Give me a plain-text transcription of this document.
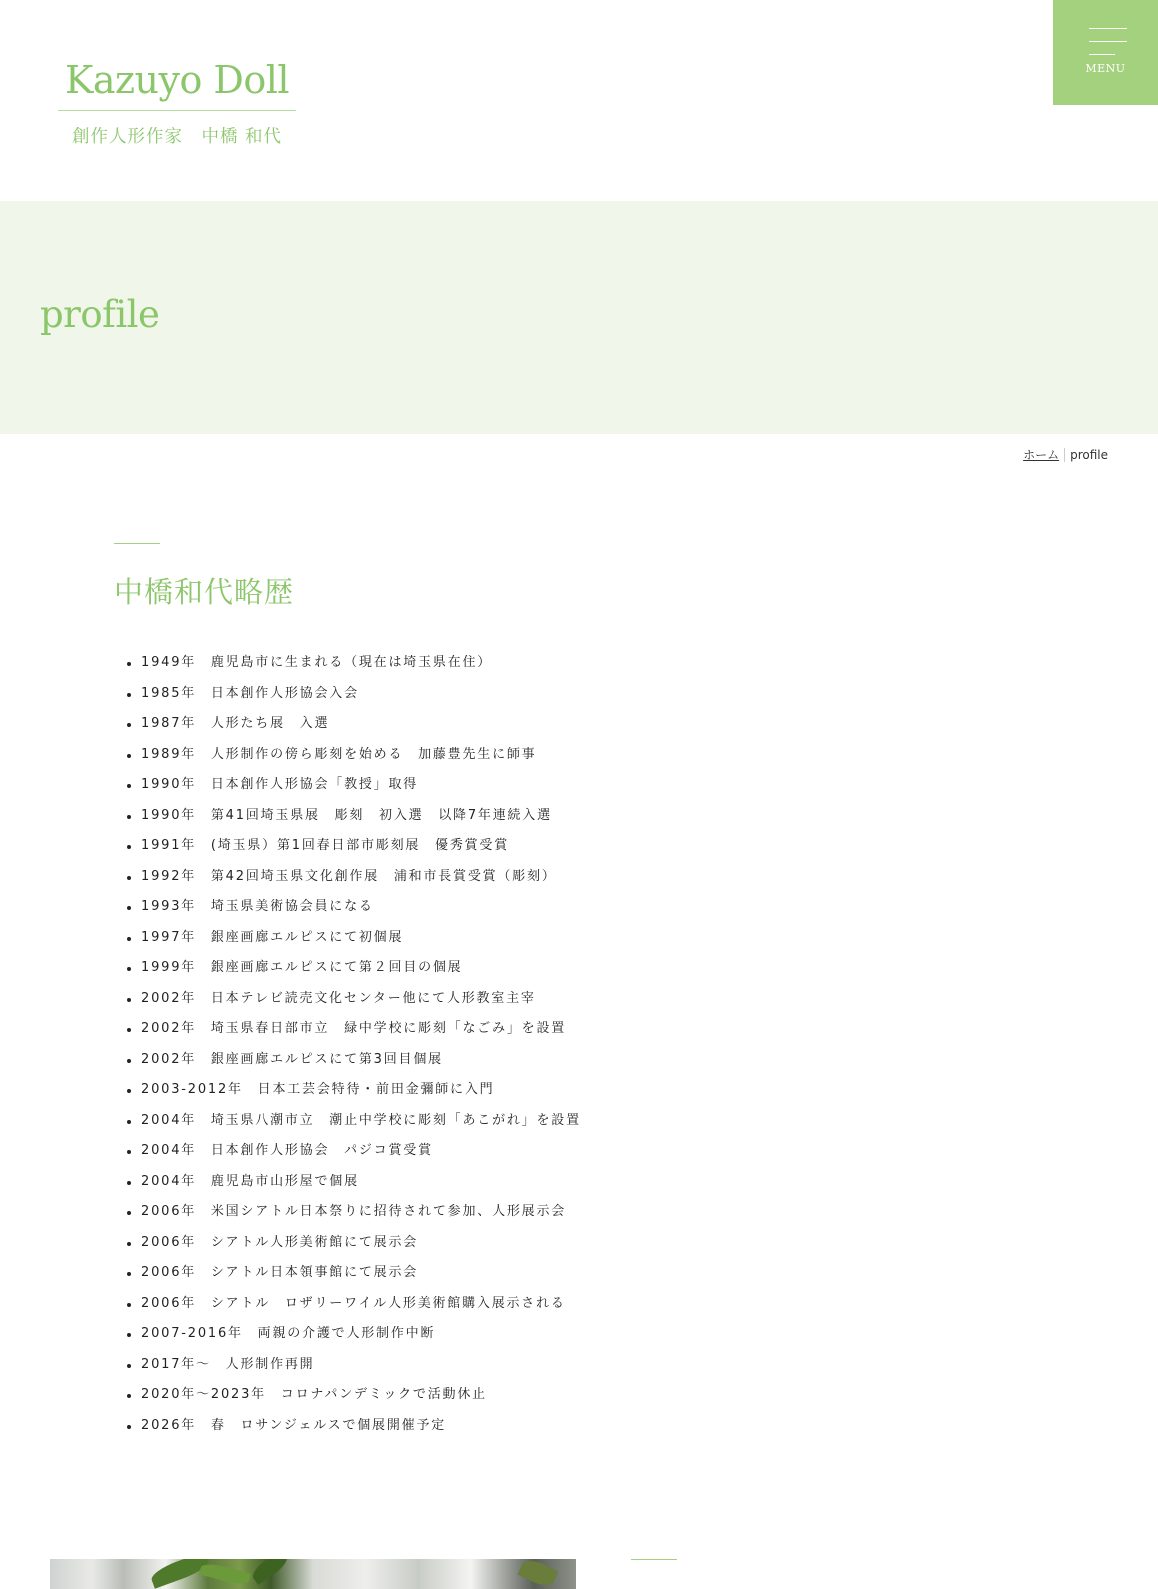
Kazuyo Doll
創作人形作家　中橋 和代
MENU
profile
ホーム profile
中橋和代略歴
1949年　鹿児島市に生まれる（現在は埼玉県在住）
1985年　日本創作人形協会入会
1987年　人形たち展　入選
1989年　人形制作の傍ら彫刻を始める　加藤豊先生に師事
1990年　日本創作人形協会「教授」取得
1990年　第41回埼玉県展　彫刻　初入選　以降7年連続入選
1991年　(埼玉県）第1回春日部市彫刻展　優秀賞受賞
1992年　第42回埼玉県文化創作展　浦和市長賞受賞（彫刻）
1993年　埼玉県美術協会員になる
1997年　銀座画廊エルピスにて初個展
1999年　銀座画廊エルピスにて第２回目の個展
2002年　日本テレビ読売文化センター他にて人形教室主宰
2002年　埼玉県春日部市立　緑中学校に彫刻「なごみ」を設置
2002年　銀座画廊エルピスにて第3回目個展
2003-2012年　日本工芸会特待・前田金彌師に入門
2004年　埼玉県八潮市立　潮止中学校に彫刻「あこがれ」を設置
2004年　日本創作人形協会　パジコ賞受賞
2004年　鹿児島市山形屋で個展
2006年　米国シアトル日本祭りに招待されて参加、人形展示会
2006年　シアトル人形美術館にて展示会
2006年　シアトル日本領事館にて展示会
2006年　シアトル　ロザリーワイル人形美術館購入展示される
2007-2016年　両親の介護で人形制作中断
2017年～　人形制作再開
2020年～2023年　コロナパンデミックで活動休止
2026年　春　ロサンジェルスで個展開催予定
